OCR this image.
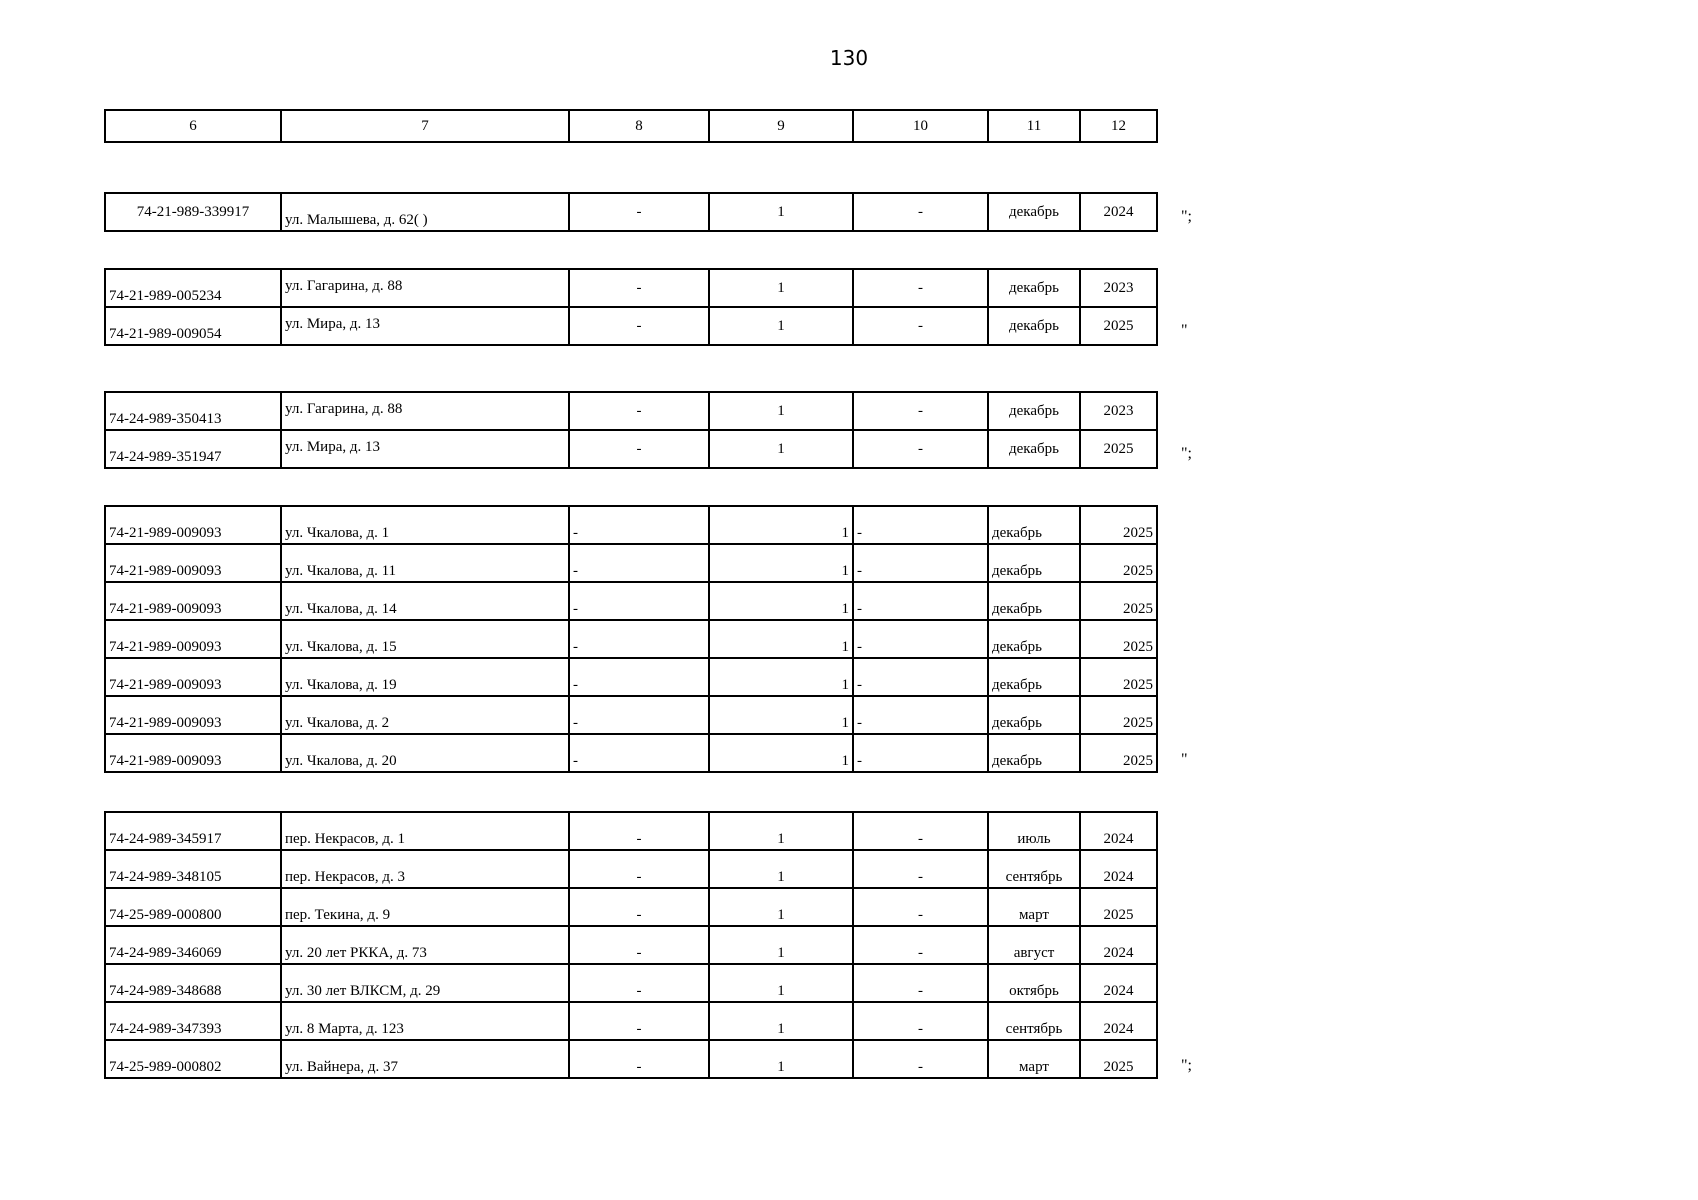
130
6	7	8	9	10	11	12
74-21-989-339917	ул. Малышева, д. 62( )	-	1	-	декабрь	2024	";
74-21-989-005234	ул. Гагарина, д. 88	-	1	-	декабрь	2023
74-21-989-009054	ул. Мира, д. 13	-	1	-	декабрь	2025	"
74-24-989-350413	ул. Гагарина, д. 88	-	1	-	декабрь	2023
74-24-989-351947	ул. Мира, д. 13	-	1	-	декабрь	2025	";
74-21-989-009093	ул. Чкалова, д. 1	-	1	-	декабрь	2025
74-21-989-009093	ул. Чкалова, д. 11	-	1	-	декабрь	2025
74-21-989-009093	ул. Чкалова, д. 14	-	1	-	декабрь	2025
74-21-989-009093	ул. Чкалова, д. 15	-	1	-	декабрь	2025
74-21-989-009093	ул. Чкалова, д. 19	-	1	-	декабрь	2025
74-21-989-009093	ул. Чкалова, д. 2	-	1	-	декабрь	2025
74-21-989-009093	ул. Чкалова, д. 20	-	1	-	декабрь	2025 "
74-24-989-345917	пер. Некрасов, д. 1	-	1	-	июль	2024
74-24-989-348105	пер. Некрасов, д. 3	-	1	-	сентябрь	2024
74-25-989-000800	пер. Текина, д. 9	-	1	-	март	2025
74-24-989-346069	ул. 20 лет РККА, д. 73	-	1	-	август	2024
74-24-989-348688	ул. 30 лет ВЛКСМ, д. 29	-	1	-	октябрь	2024
74-24-989-347393	ул. 8 Марта, д. 123	-	1	-	сентябрь	2024
74-25-989-000802	ул. Вайнера, д. 37	-	1	-	март	2025	";
